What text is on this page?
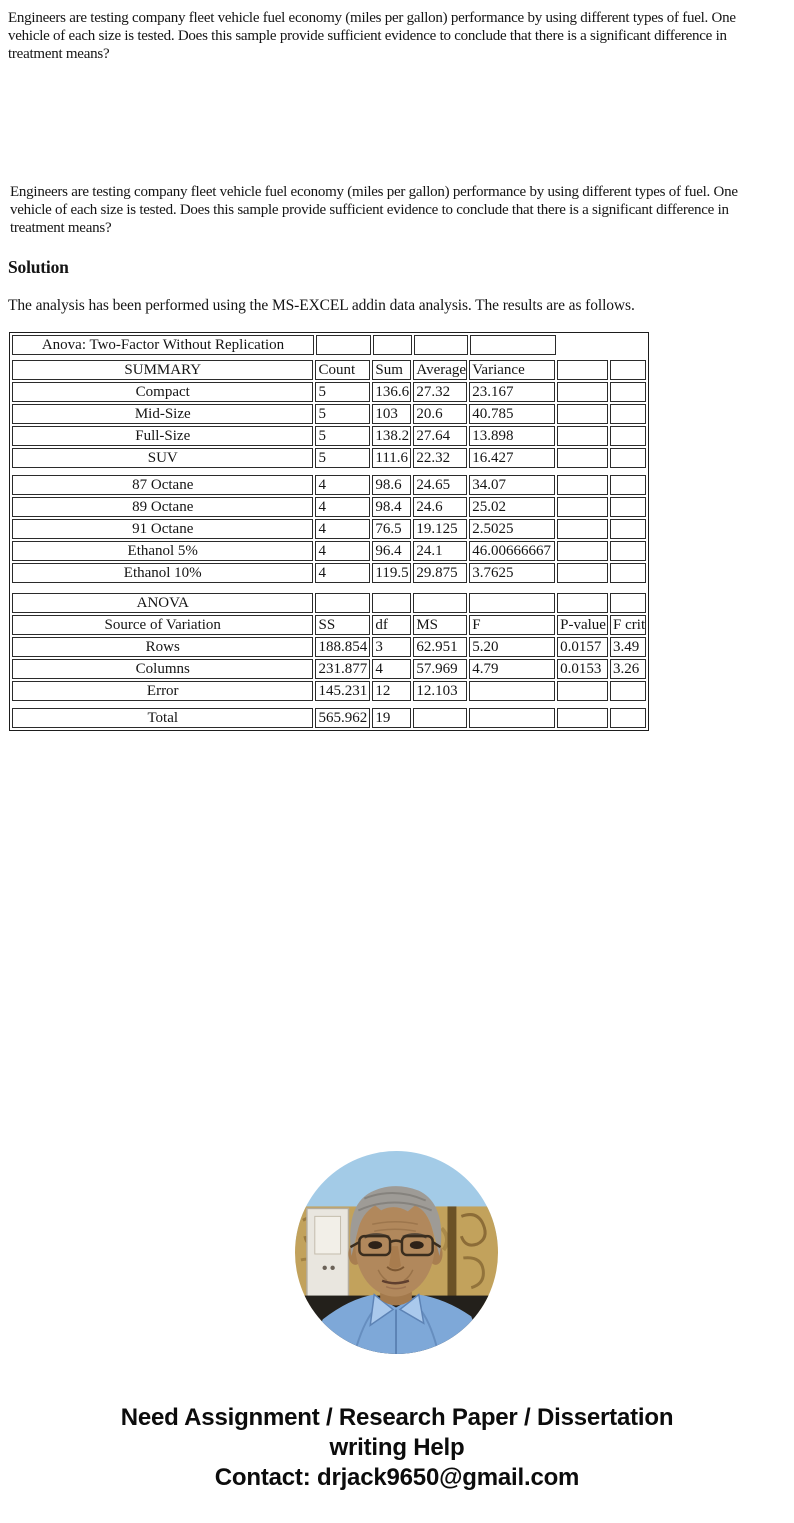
Engineers are testing company fleet vehicle fuel economy (miles per gallon) performance by using different types of fuel. One vehicle of each size is tested. Does this sample provide sufficient evidence to conclude that there is a significant difference in treatment means?

Engineers are testing company fleet vehicle fuel economy (miles per gallon) performance by using different types of fuel. One vehicle of each size is tested. Does this sample provide sufficient evidence to conclude that there is a significant difference in treatment means?

Solution

The analysis has been performed using the MS-EXCEL addin data analysis. The results are as follows.

Anova: Two-Factor Without Replication
SUMMARY	Count	Sum Average Variance
Compact	5	136.6 27.32	23.167
Mid-Size	5	103	20.6	40.785
Full-Size	5	138.2 27.64	13.898
SUV	5	111.6 22.32	16.427
87 Octane	4	98.6 24.65	34.07
89 Octane	4	98.4 24.6	25.02
91 Octane	4	76.5 19.125 2.5025
Ethanol 5%	4	96.4 24.1	46.00666667
Ethanol 10%	4	119.5 29.875 3.7625
ANOVA
Source of Variation	SS	df	MS	F	P-value F crit
Rows	188.854 3	62.951 5.20	0.0157 3.49
Columns	231.877 4	57.969 4.79	0.0153 3.26
Error	145.231 12	12.103
Total	565.962 19
Need Assignment / Research Paper / Dissertation
writing Help
Contact: drjack9650@gmail.com
